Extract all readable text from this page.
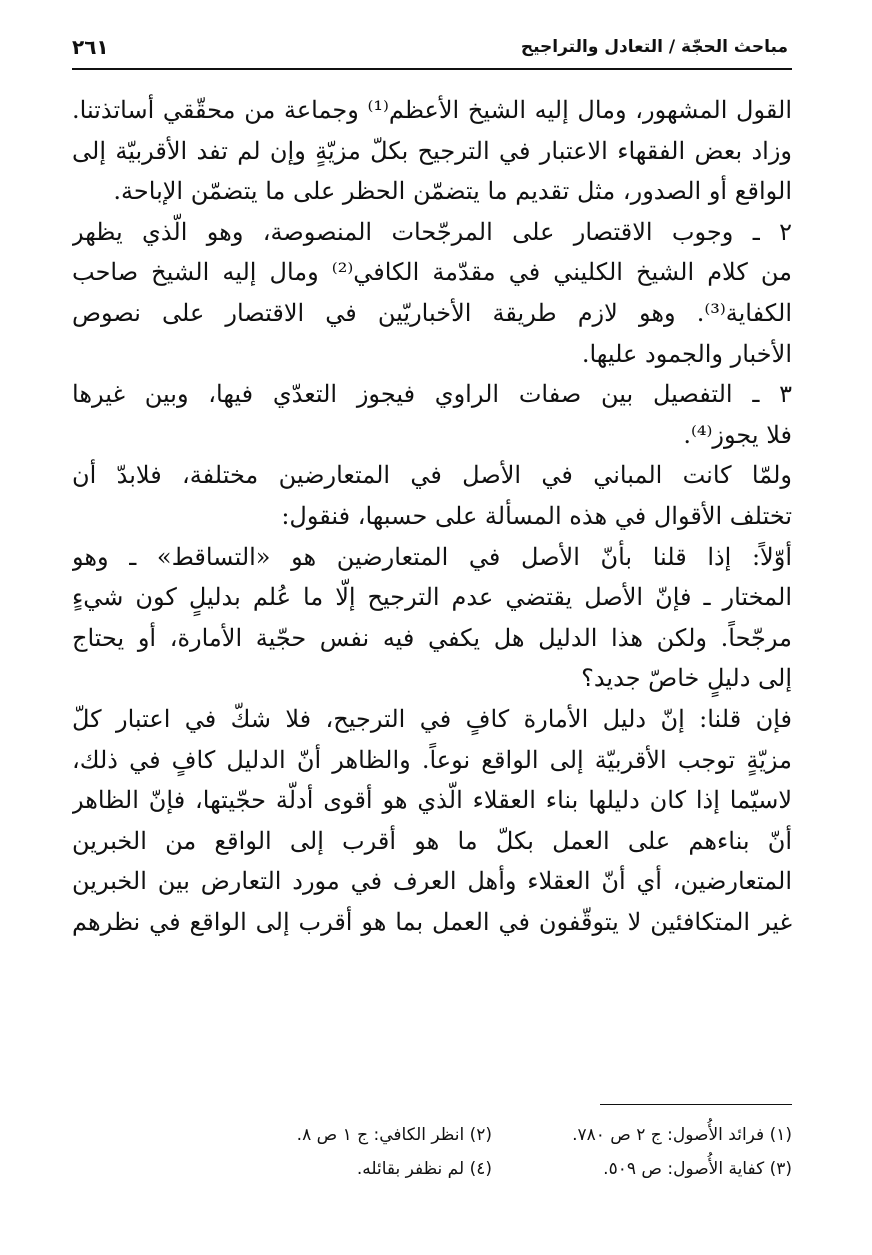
٢٦١	مباحث الحجّة / التعادل والتراجيح
القول المشهور، ومال إليه الشيخ الأعظم⁽¹⁾ وجماعة من محقّقي أساتذتنا.
وزاد بعض الفقهاء الاعتبار في الترجيح بكلّ مزيّةٍ وإن لم تفد الأقربيّة إلى
الواقع أو الصدور، مثل تقديم ما يتضمّن الحظر على ما يتضمّن الإباحة.
٢ ـ وجوب الاقتصار على المرجّحات المنصوصة، وهو الّذي يظهر
من كلام الشيخ الكليني في مقدّمة الكافي⁽²⁾ ومال إليه الشيخ صاحب
الكفاية⁽³⁾. وهو لازم طريقة الأخباريّين في الاقتصار على نصوص
الأخبار والجمود عليها.
٣ ـ التفصيل بين صفات الراوي فيجوز التعدّي فيها، وبين غيرها
فلا يجوز⁽⁴⁾.
ولمّا كانت المباني في الأصل في المتعارضين مختلفة، فلابدّ أن
تختلف الأقوال في هذه المسألة على حسبها، فنقول:
أوّلاً: إذا قلنا بأنّ الأصل في المتعارضين هو «التساقط» ـ وهو
المختار ـ فإنّ الأصل يقتضي عدم الترجيح إلّا ما عُلم بدليلٍ كون شيءٍ
مرجّحاً. ولكن هذا الدليل هل يكفي فيه نفس حجّية الأمارة، أو يحتاج
إلى دليلٍ خاصّ جديد؟
فإن قلنا: إنّ دليل الأمارة كافٍ في الترجيح، فلا شكّ في اعتبار كلّ
مزيّةٍ توجب الأقربيّة إلى الواقع نوعاً. والظاهر أنّ الدليل كافٍ في ذلك،
لاسيّما إذا كان دليلها بناء العقلاء الّذي هو أقوى أدلّة حجّيتها، فإنّ الظاهر
أنّ بناءهم على العمل بكلّ ما هو أقرب إلى الواقع من الخبرين
المتعارضين، أي أنّ العقلاء وأهل العرف في مورد التعارض بين الخبرين
غير المتكافئين لا يتوقّفون في العمل بما هو أقرب إلى الواقع في نظرهم
(١) فرائد الأُصول: ج ٢ ص ٧٨٠.
(٢) انظر الكافي: ج ١ ص ٨.
(٣) كفاية الأُصول: ص ٥٠٩.
(٤) لم نظفر بقائله.
